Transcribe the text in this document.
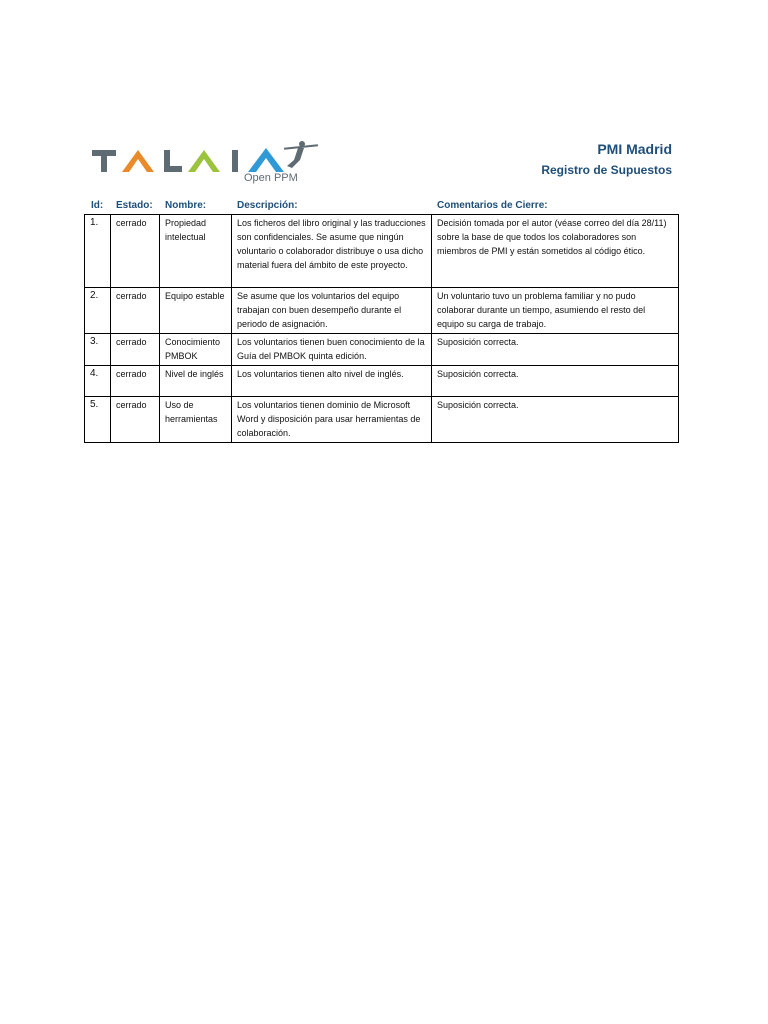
Open PPM
PMI Madrid
Registro de Supuestos
Id: Estado: Nombre:	Descripción:	Comentarios de Cierre:
1.	cerrado	Propiedad intelectual	Los ficheros del libro original y las traducciones son confidenciales. Se asume que ningún voluntario o colaborador distribuye o usa dicho material fuera del ámbito de este proyecto.	Decisión tomada por el autor (véase correo del día 28/11) sobre la base de que todos los colaboradores son miembros de PMI y están sometidos al código ético.
2.	cerrado	Equipo estable	Se asume que los voluntarios del equipo trabajan con buen desempeño durante el periodo de asignación.	Un voluntario tuvo un problema familiar y no pudo colaborar durante un tiempo, asumiendo el resto del equipo su carga de trabajo.
3.	cerrado	Conocimiento PMBOK	Los voluntarios tienen buen conocimiento de la Guía del PMBOK quinta edición.	Suposición correcta.
4.	cerrado	Nivel de inglés	Los voluntarios tienen alto nivel de inglés.	Suposición correcta.
5.	cerrado	Uso de herramientas	Los voluntarios tienen dominio de Microsoft Word y disposición para usar herramientas de colaboración.	Suposición correcta.
